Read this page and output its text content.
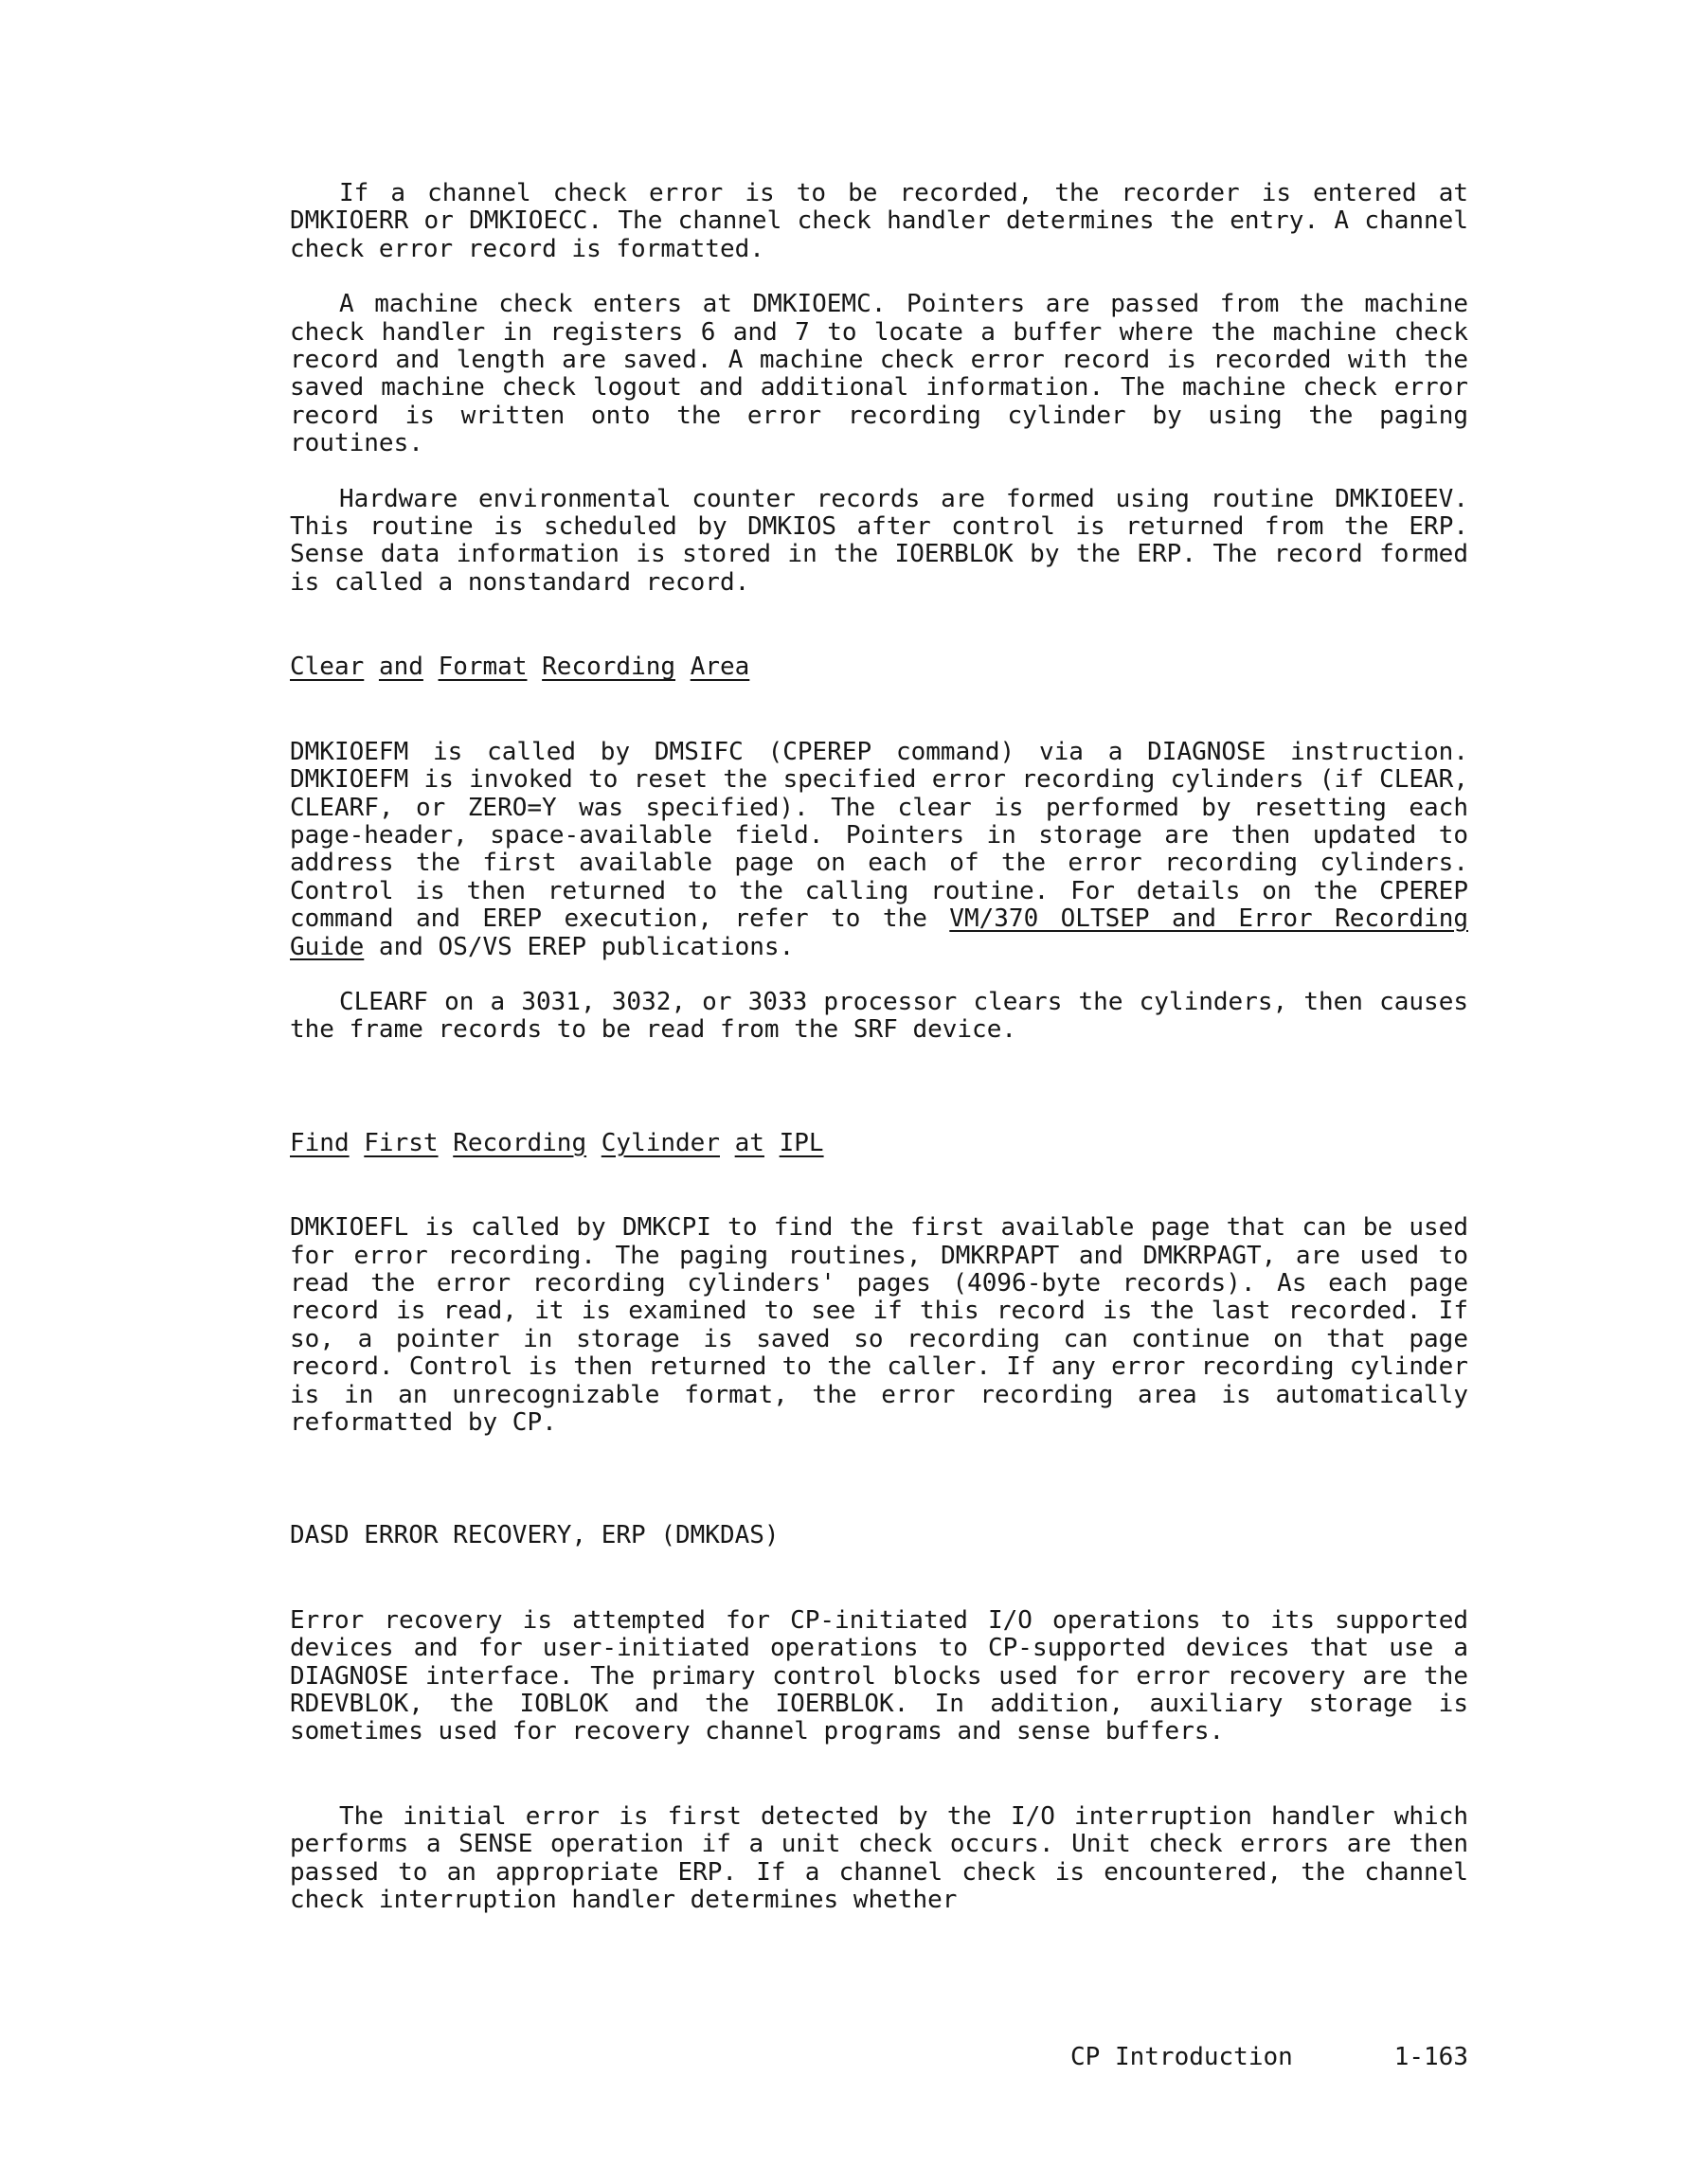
If a channel check error is to be recorded, the recorder is entered at DMKIOERR or DMKIOECC. The channel check handler determines the entry. A channel check error record is formatted.

A machine check enters at DMKIOEMC. Pointers are passed from the machine check handler in registers 6 and 7 to locate a buffer where the machine check record and length are saved. A machine check error record is recorded with the saved machine check logout and additional information. The machine check error record is written onto the error recording cylinder by using the paging routines.

Hardware environmental counter records are formed using routine DMKIOEEV. This routine is scheduled by DMKIOS after control is returned from the ERP. Sense data information is stored in the IOERBLOK by the ERP. The record formed is called a nonstandard record.

Clear and Format Recording Area

DMKIOEFM is called by DMSIFC (CPEREP command) via a DIAGNOSE instruction. DMKIOEFM is invoked to reset the specified error recording cylinders (if CLEAR, CLEARF, or ZERO=Y was specified). The clear is performed by resetting each page-header, space-available field. Pointers in storage are then updated to address the first available page on each of the error recording cylinders. Control is then returned to the calling routine. For details on the CPEREP command and EREP execution, refer to the VM/370 OLTSEP and Error Recording Guide and OS/VS EREP publications.

CLEARF on a 3031, 3032, or 3033 processor clears the cylinders, then causes the frame records to be read from the SRF device.

Find First Recording Cylinder at IPL

DMKIOEFL is called by DMKCPI to find the first available page that can be used for error recording. The paging routines, DMKRPAPT and DMKRPAGT, are used to read the error recording cylinders' pages (4096-byte records). As each page record is read, it is examined to see if this record is the last recorded. If so, a pointer in storage is saved so recording can continue on that page record. Control is then returned to the caller. If any error recording cylinder is in an unrecognizable format, the error recording area is automatically reformatted by CP.

DASD ERROR RECOVERY, ERP (DMKDAS)

Error recovery is attempted for CP-initiated I/O operations to its supported devices and for user-initiated operations to CP-supported devices that use a DIAGNOSE interface. The primary control blocks used for error recovery are the RDEVBLOK, the IOBLOK and the IOERBLOK. In addition, auxiliary storage is sometimes used for recovery channel programs and sense buffers.

The initial error is first detected by the I/O interruption handler which performs a SENSE operation if a unit check occurs. Unit check errors are then passed to an appropriate ERP. If a channel check is encountered, the channel check interruption handler determines whether

CP Introduction	1-163
